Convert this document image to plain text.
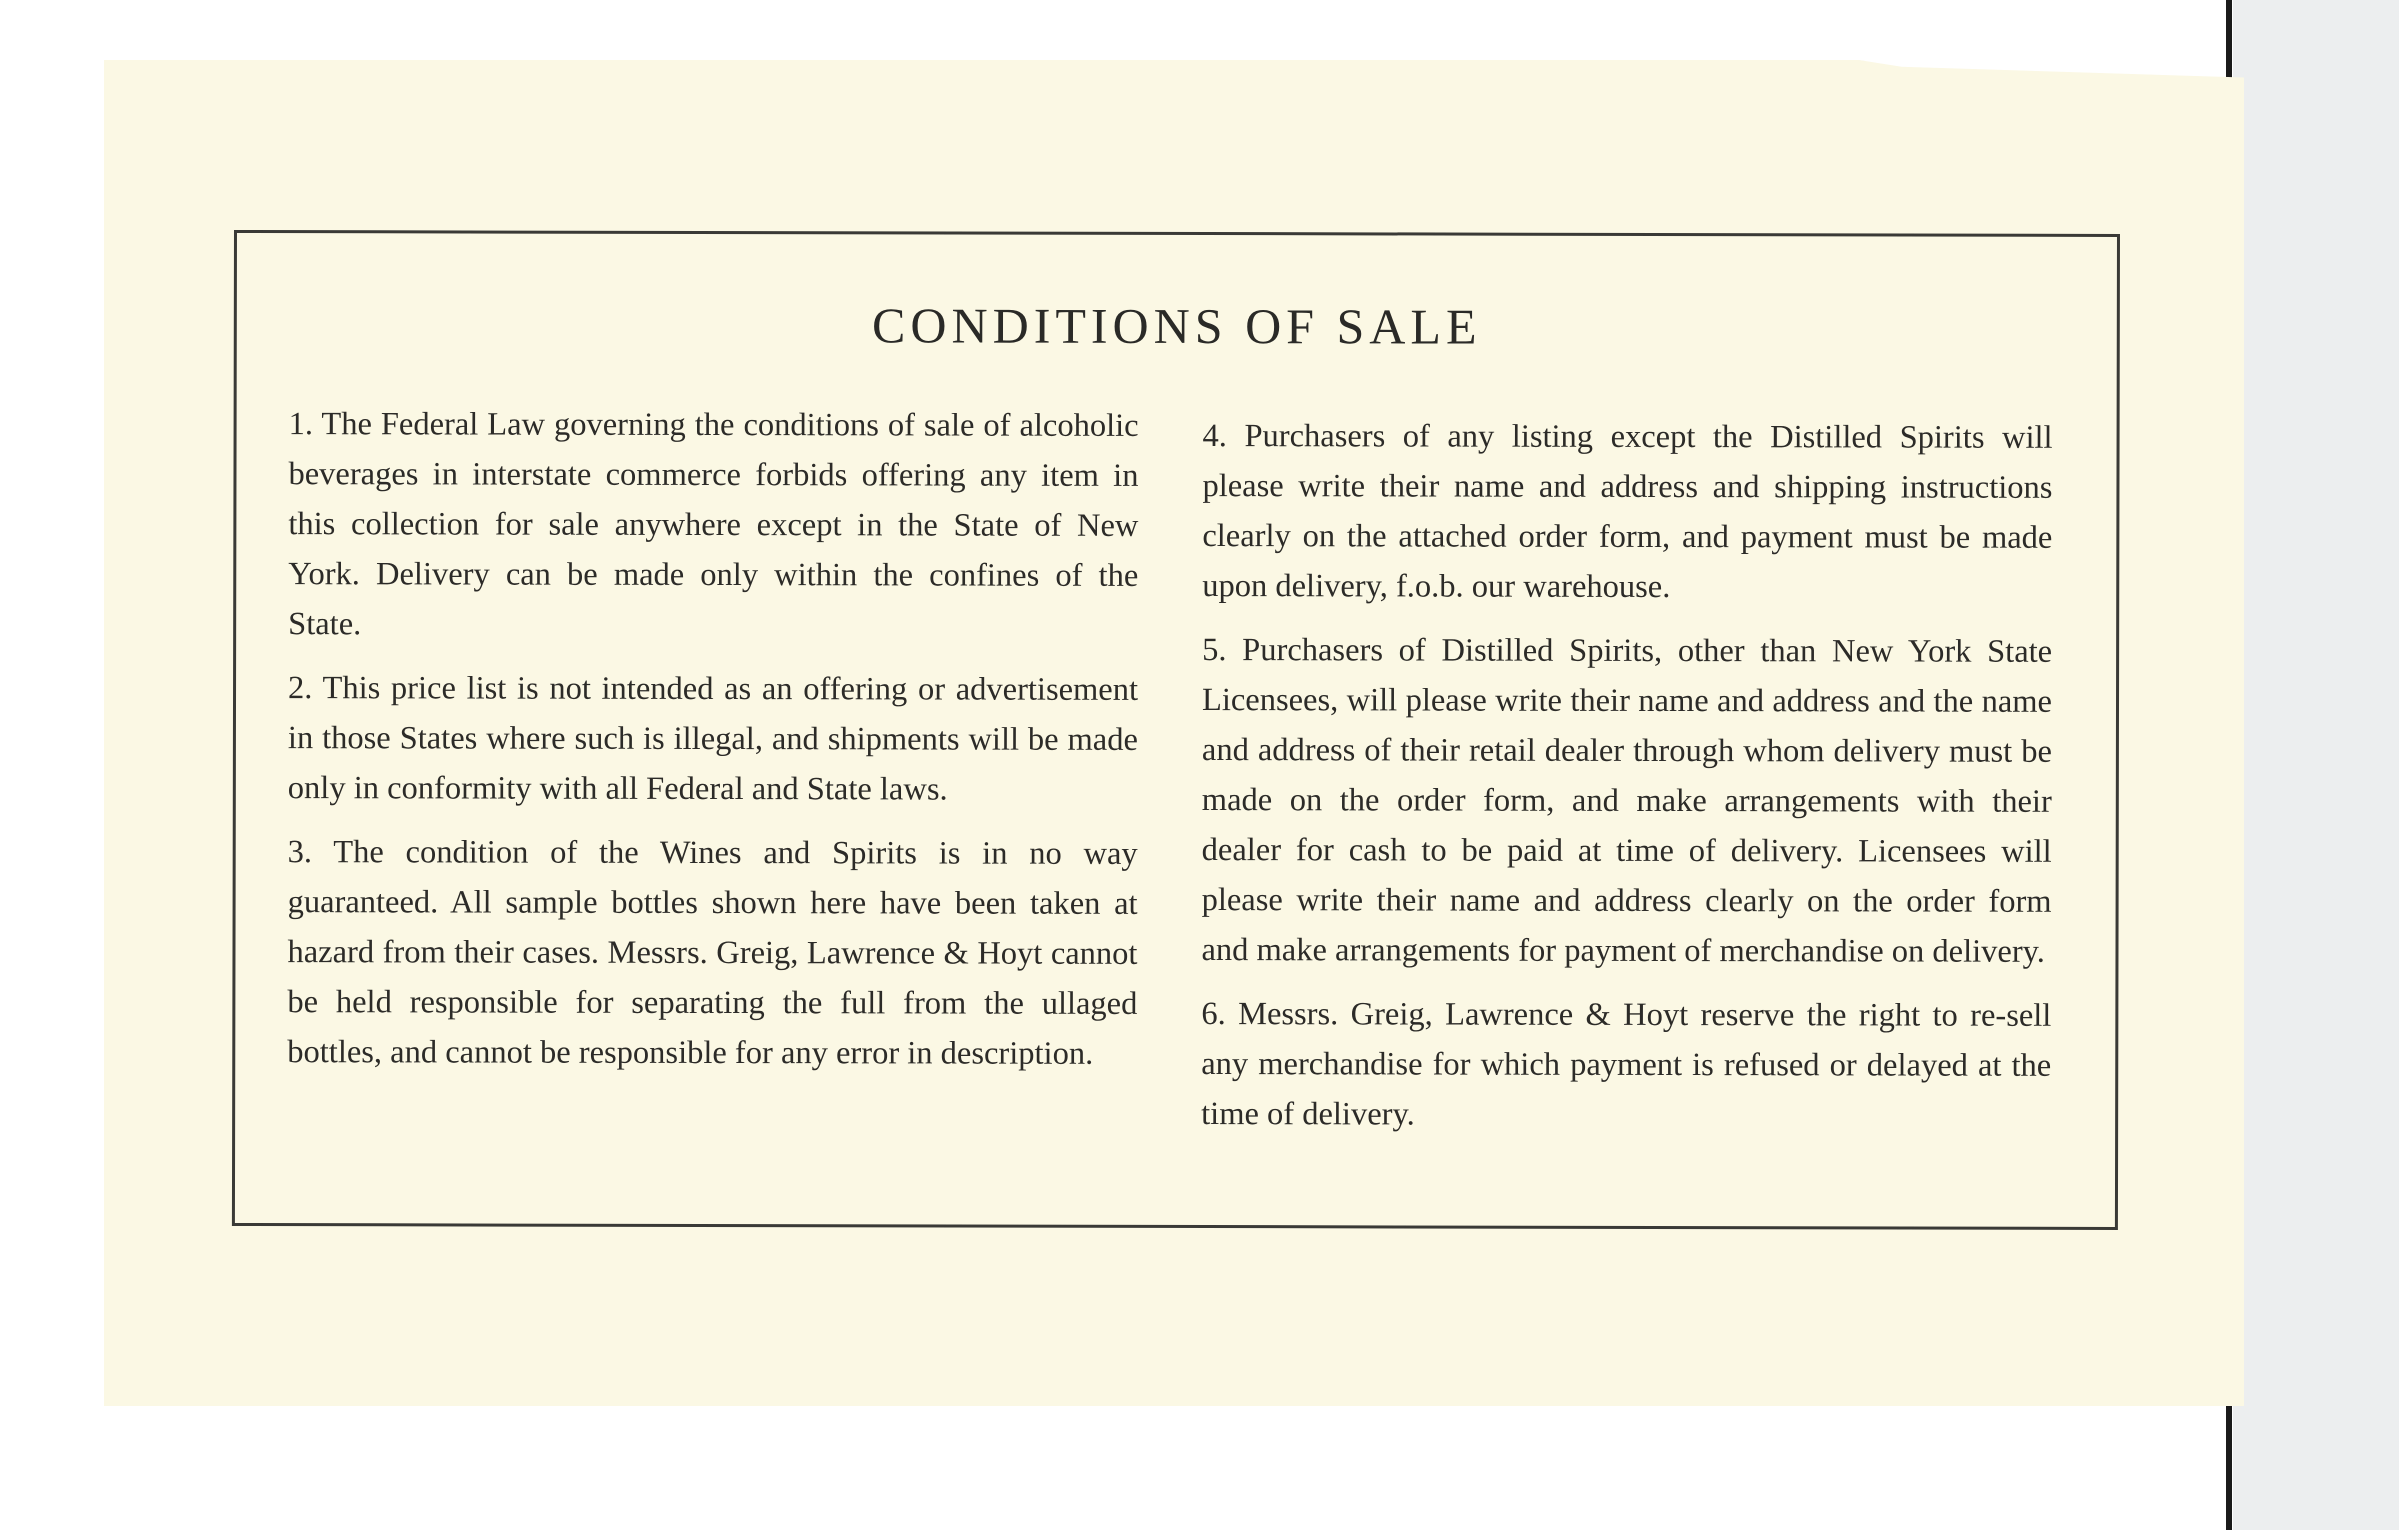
CONDITIONS OF SALE

1. The Federal Law governing the conditions of sale of alcoholic beverages in interstate commerce forbids offering any item in this collection for sale anywhere except in the State of New York. Delivery can be made only within the confines of the State.

2. This price list is not intended as an offering or advertisement in those States where such is illegal, and shipments will be made only in conformity with all Federal and State laws.

3. The condition of the Wines and Spirits is in no way guaranteed. All sample bottles shown here have been taken at hazard from their cases. Messrs. Greig, Lawrence & Hoyt cannot be held responsible for separating the full from the ullaged bottles, and cannot be responsible for any error in description.

4. Purchasers of any listing except the Distilled Spirits will please write their name and address and shipping instructions clearly on the attached order form, and payment must be made upon delivery, f.o.b. our warehouse.

5. Purchasers of Distilled Spirits, other than New York State Licensees, will please write their name and address and the name and address of their retail dealer through whom delivery must be made on the order form, and make arrangements with their dealer for cash to be paid at time of delivery. Licensees will please write their name and address clearly on the order form and make arrangements for payment of merchandise on delivery.

6. Messrs. Greig, Lawrence & Hoyt reserve the right to re-sell any merchandise for which payment is refused or delayed at the time of delivery.
